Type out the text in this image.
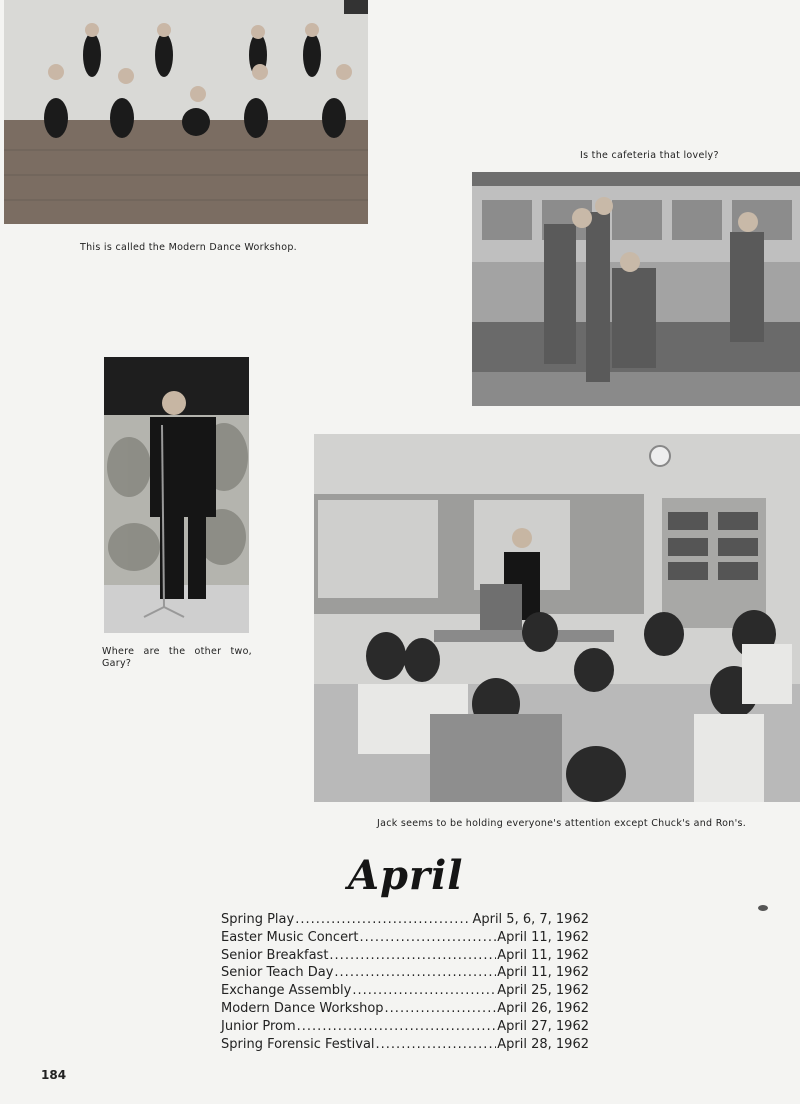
This is called the Modern Dance Workshop.
Is the cafeteria that lovely?
Where are the other two, Gary?
Jack seems to be holding everyone's attention except Chuck's and Ron's.
April
Spring Play .....	April 5, 6, 7, 1962
Easter Music Concert .....	April 11, 1962
Senior Breakfast .....	April 11, 1962
Senior Teach Day .....	April 11, 1962
Exchange Assembly .....	April 25, 1962
Modern Dance Workshop .....	April 26, 1962
Junior Prom .....	April 27, 1962
Spring Forensic Festival .....	April 28, 1962
184
